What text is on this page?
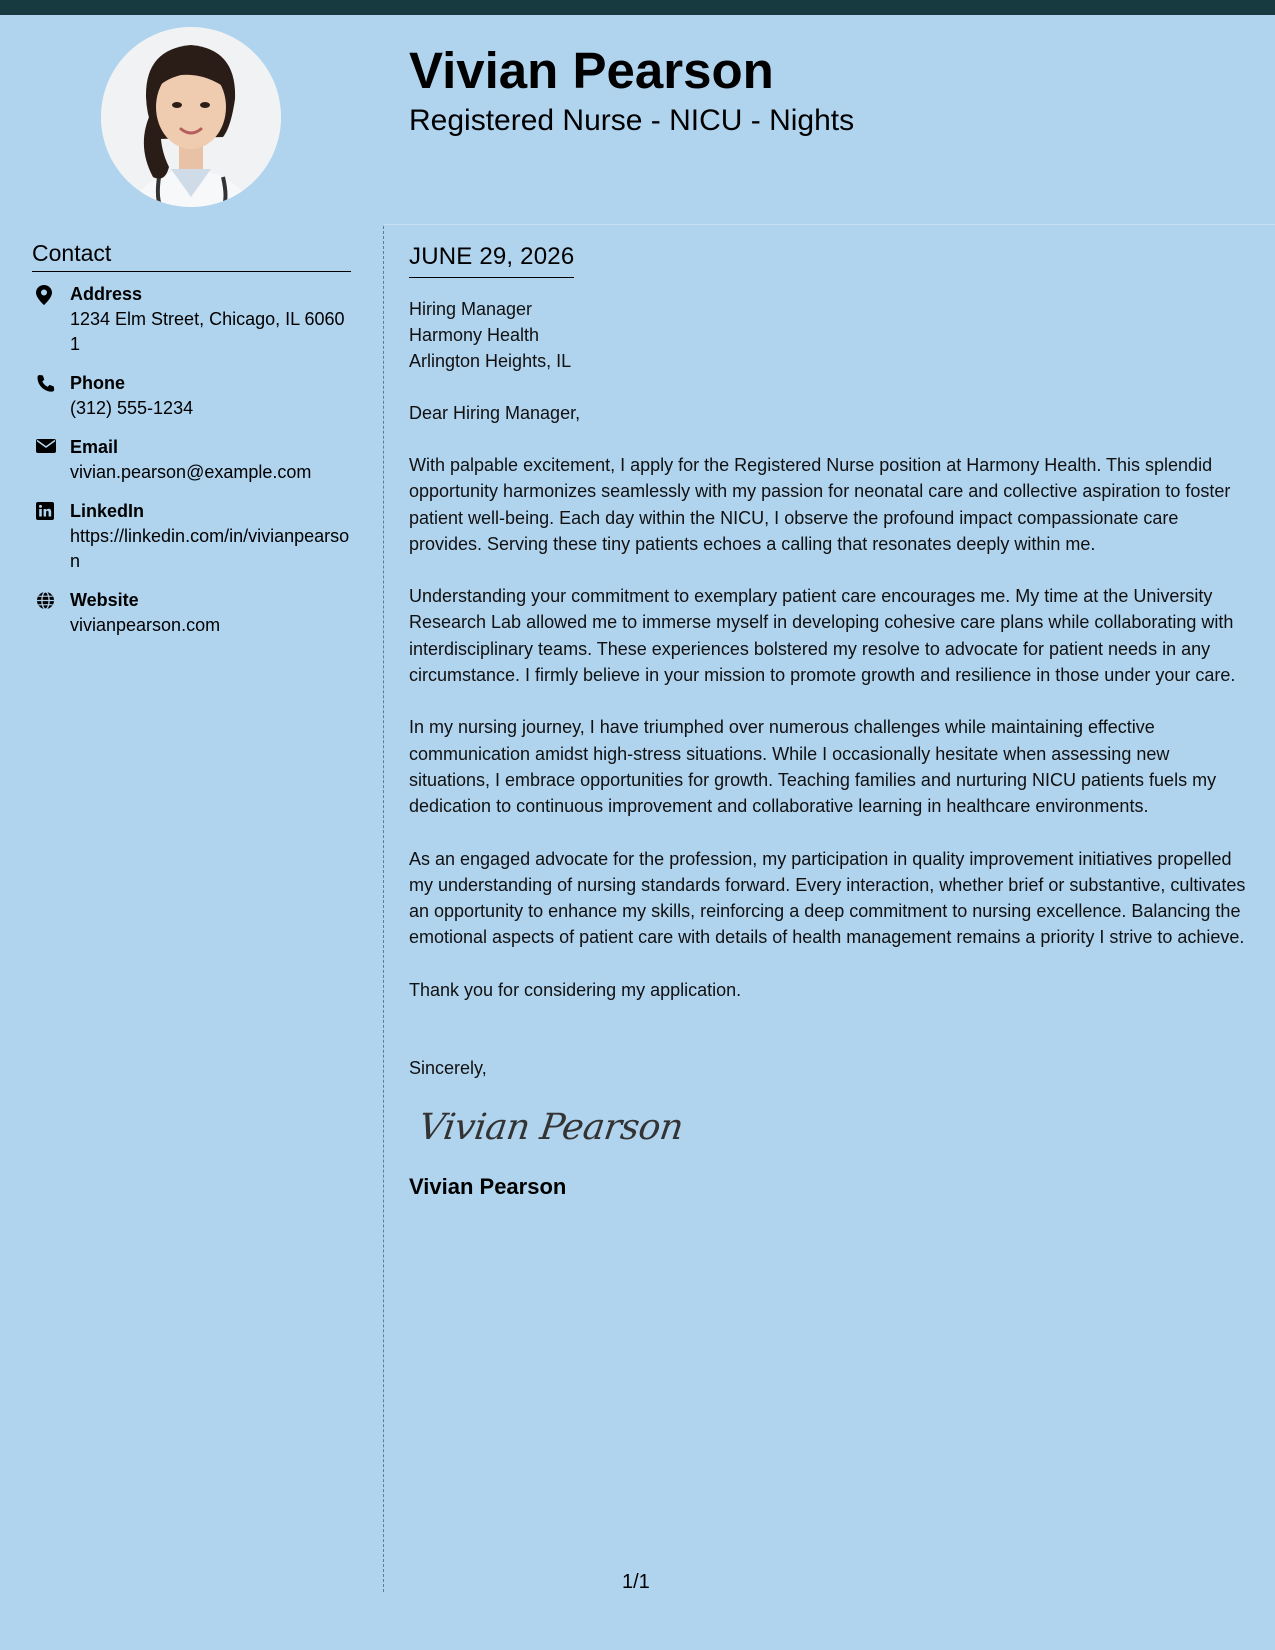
Vivian Pearson
Registered Nurse - NICU - Nights
Contact
Address
1234 Elm Street, Chicago, IL 60601
Phone
(312) 555-1234
Email
vivian.pearson@example.com
LinkedIn
https://linkedin.com/in/vivianpearson
Website
vivianpearson.com
JUNE 29, 2026
Hiring Manager
Harmony Health
Arlington Heights, IL
Dear Hiring Manager,
With palpable excitement, I apply for the Registered Nurse position at Harmony Health. This splendid opportunity harmonizes seamlessly with my passion for neonatal care and collective aspiration to foster patient well-being. Each day within the NICU, I observe the profound impact compassionate care provides. Serving these tiny patients echoes a calling that resonates deeply within me.
Understanding your commitment to exemplary patient care encourages me. My time at the University Research Lab allowed me to immerse myself in developing cohesive care plans while collaborating with interdisciplinary teams. These experiences bolstered my resolve to advocate for patient needs in any circumstance. I firmly believe in your mission to promote growth and resilience in those under your care.
In my nursing journey, I have triumphed over numerous challenges while maintaining effective communication amidst high-stress situations. While I occasionally hesitate when assessing new situations, I embrace opportunities for growth. Teaching families and nurturing NICU patients fuels my dedication to continuous improvement and collaborative learning in healthcare environments.
As an engaged advocate for the profession, my participation in quality improvement initiatives propelled my understanding of nursing standards forward. Every interaction, whether brief or substantive, cultivates an opportunity to enhance my skills, reinforcing a deep commitment to nursing excellence. Balancing the emotional aspects of patient care with details of health management remains a priority I strive to achieve.
Thank you for considering my application.
Sincerely,
Vivian Pearson
Vivian Pearson
1/1
